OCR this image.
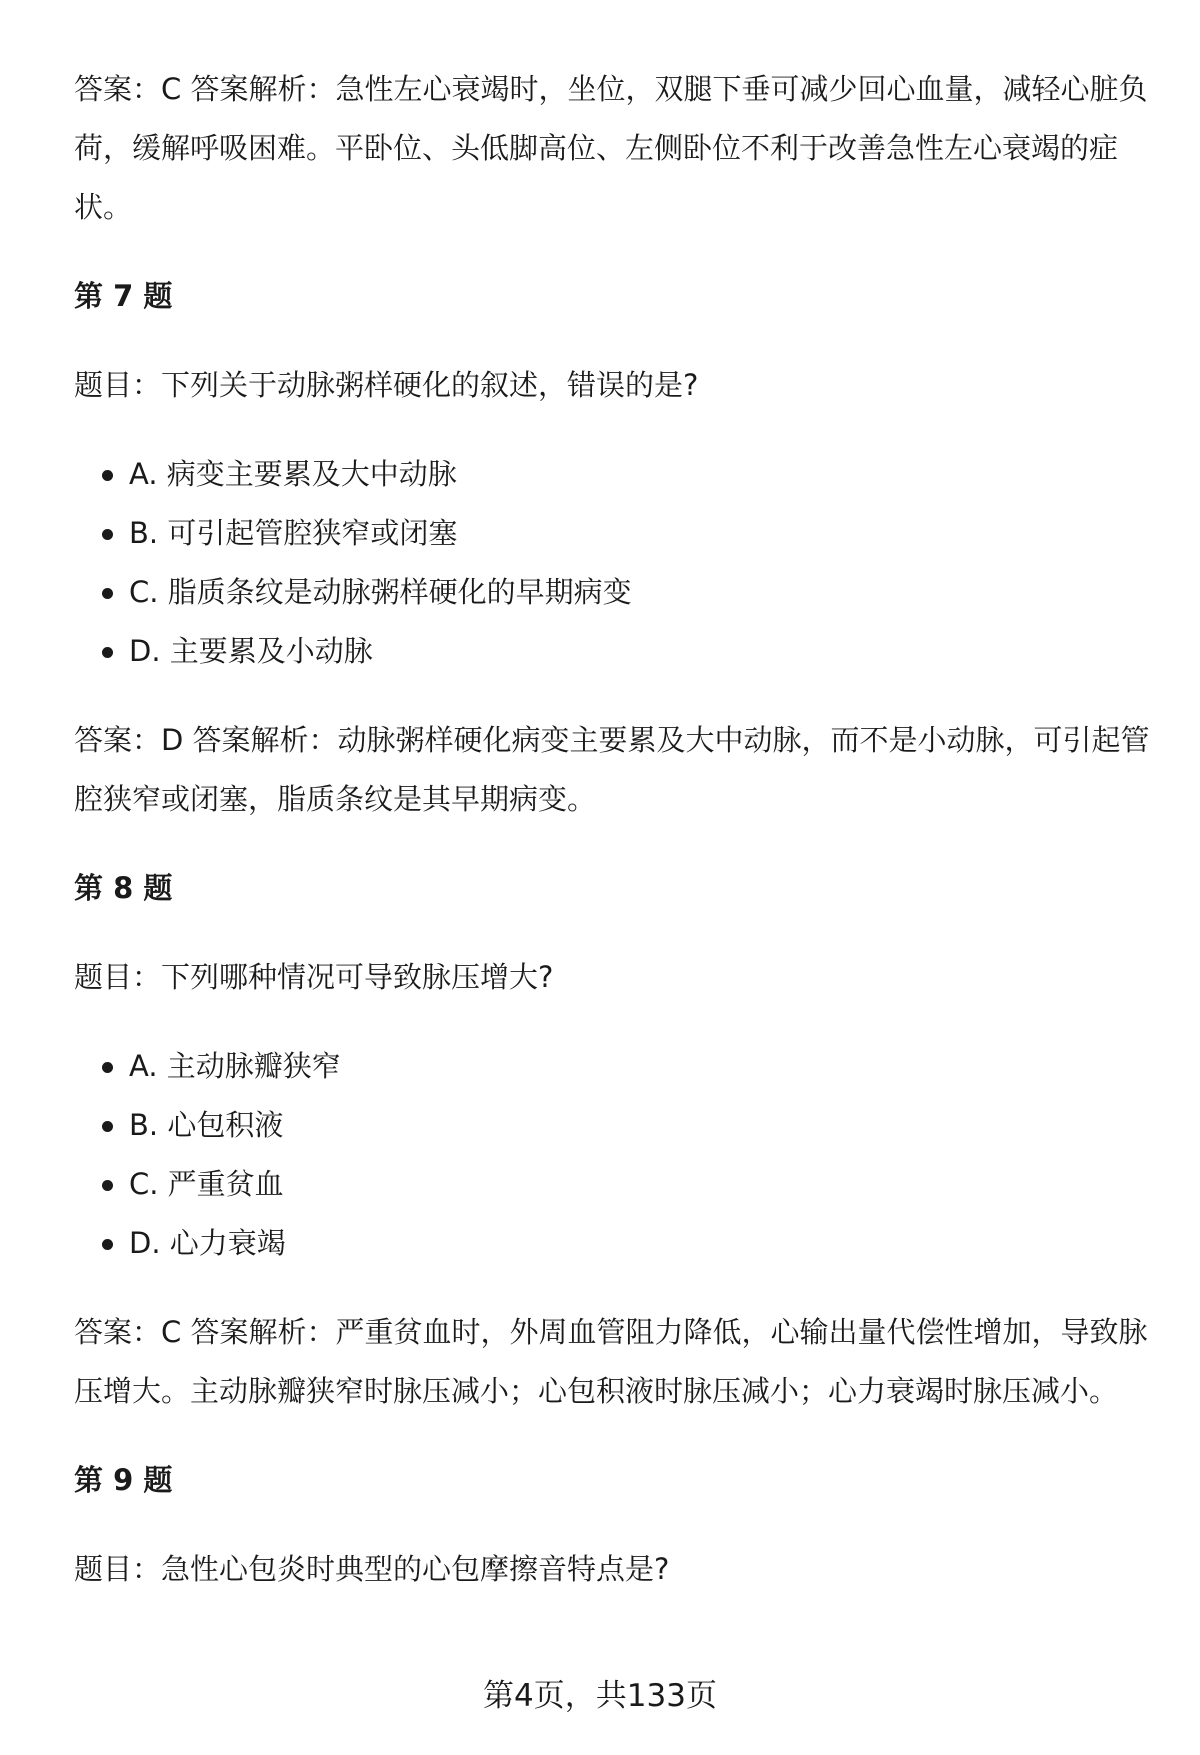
答案：C 答案解析：急性左心衰竭时，坐位，双腿下垂可减少回心血量，减轻心脏负荷，缓解呼吸困难。平卧位、头低脚高位、左侧卧位不利于改善急性左心衰竭的症状。

第 7 题

题目：下列关于动脉粥样硬化的叙述，错误的是?

A. 病变主要累及大中动脉
B. 可引起管腔狭窄或闭塞
C. 脂质条纹是动脉粥样硬化的早期病变
D. 主要累及小动脉

答案：D 答案解析：动脉粥样硬化病变主要累及大中动脉，而不是小动脉，可引起管腔狭窄或闭塞，脂质条纹是其早期病变。

第 8 题

题目：下列哪种情况可导致脉压增大?

A. 主动脉瓣狭窄
B. 心包积液
C. 严重贫血
D. 心力衰竭

答案：C 答案解析：严重贫血时，外周血管阻力降低，心输出量代偿性增加，导致脉压增大。主动脉瓣狭窄时脉压减小；心包积液时脉压减小；心力衰竭时脉压减小。

第 9 题

题目：急性心包炎时典型的心包摩擦音特点是?

第4页，共133页
